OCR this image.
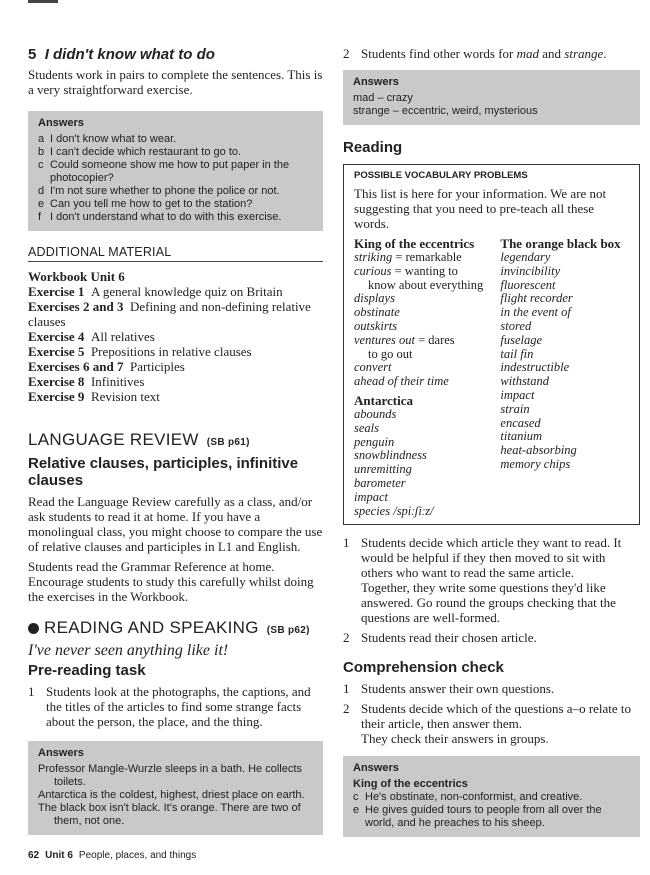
5 I didn't know what to do

Students work in pairs to complete the sentences. This is a very straightforward exercise.

Answers
a I don't know what to wear.
b I can't decide which restaurant to go to.
c Could someone show me how to put paper in the photocopier?
d I'm not sure whether to phone the police or not.
e Can you tell me how to get to the station?
f I don't understand what to do with this exercise.
ADDITIONAL MATERIAL
Workbook Unit 6
Exercise 1 A general knowledge quiz on Britain
Exercises 2 and 3 Defining and non-defining relative clauses
Exercise 4 All relatives
Exercise 5 Prepositions in relative clauses
Exercises 6 and 7 Participles
Exercise 8 Infinitives
Exercise 9 Revision text
LANGUAGE REVIEW (SB p61)
Relative clauses, participles, infinitive clauses

Read the Language Review carefully as a class, and/or ask students to read it at home. If you have a monolingual class, you might choose to compare the use of relative clauses and participles in L1 and English.

Students read the Grammar Reference at home. Encourage students to study this carefully whilst doing the exercises in the Workbook.

READING AND SPEAKING (SB p62)
I've never seen anything like it!
Pre-reading task
1 Students look at the photographs, the captions, and the titles of the articles to find some strange facts about the person, the place, and the thing.
Answers
Professor Mangle-Wurzle sleeps in a bath. He collects toilets.
Antarctica is the coldest, highest, driest place on earth.
The black box isn't black. It's orange. There are two of them, not one.
2 Students find other words for mad and strange.
Answers
mad – crazy
strange – eccentric, weird, mysterious
Reading
POSSIBLE VOCABULARY PROBLEMS

This list is here for your information. We are not suggesting that you need to pre-teach all these words.

King of the eccentrics
striking = remarkable
curious = wanting to
know about everything
displays
obstinate
outskirts
ventures out = dares
to go out
convert
ahead of their time
Antarctica
abounds
seals
penguin
snowblindness
unremitting
barometer
impact
species /spiːʃiːz/
The orange black box
legendary
invincibility
fluorescent
flight recorder
in the event of
stored
fuselage
tail fin
indestructible
withstand
impact
strain
encased
titanium
heat-absorbing
memory chips
1 Students decide which article they want to read. It would be helpful if they then moved to sit with others who want to read the same article.
Together, they write some questions they'd like answered. Go round the groups checking that the questions are well-formed.
2 Students read their chosen article.
Comprehension check
1 Students answer their own questions.
2 Students decide which of the questions a–o relate to their article, then answer them.
They check their answers in groups.
Answers
King of the eccentrics
c He's obstinate, non-conformist, and creative.
e He gives guided tours to people from all over the world, and he preaches to his sheep.
62 Unit 6 People, places, and things
